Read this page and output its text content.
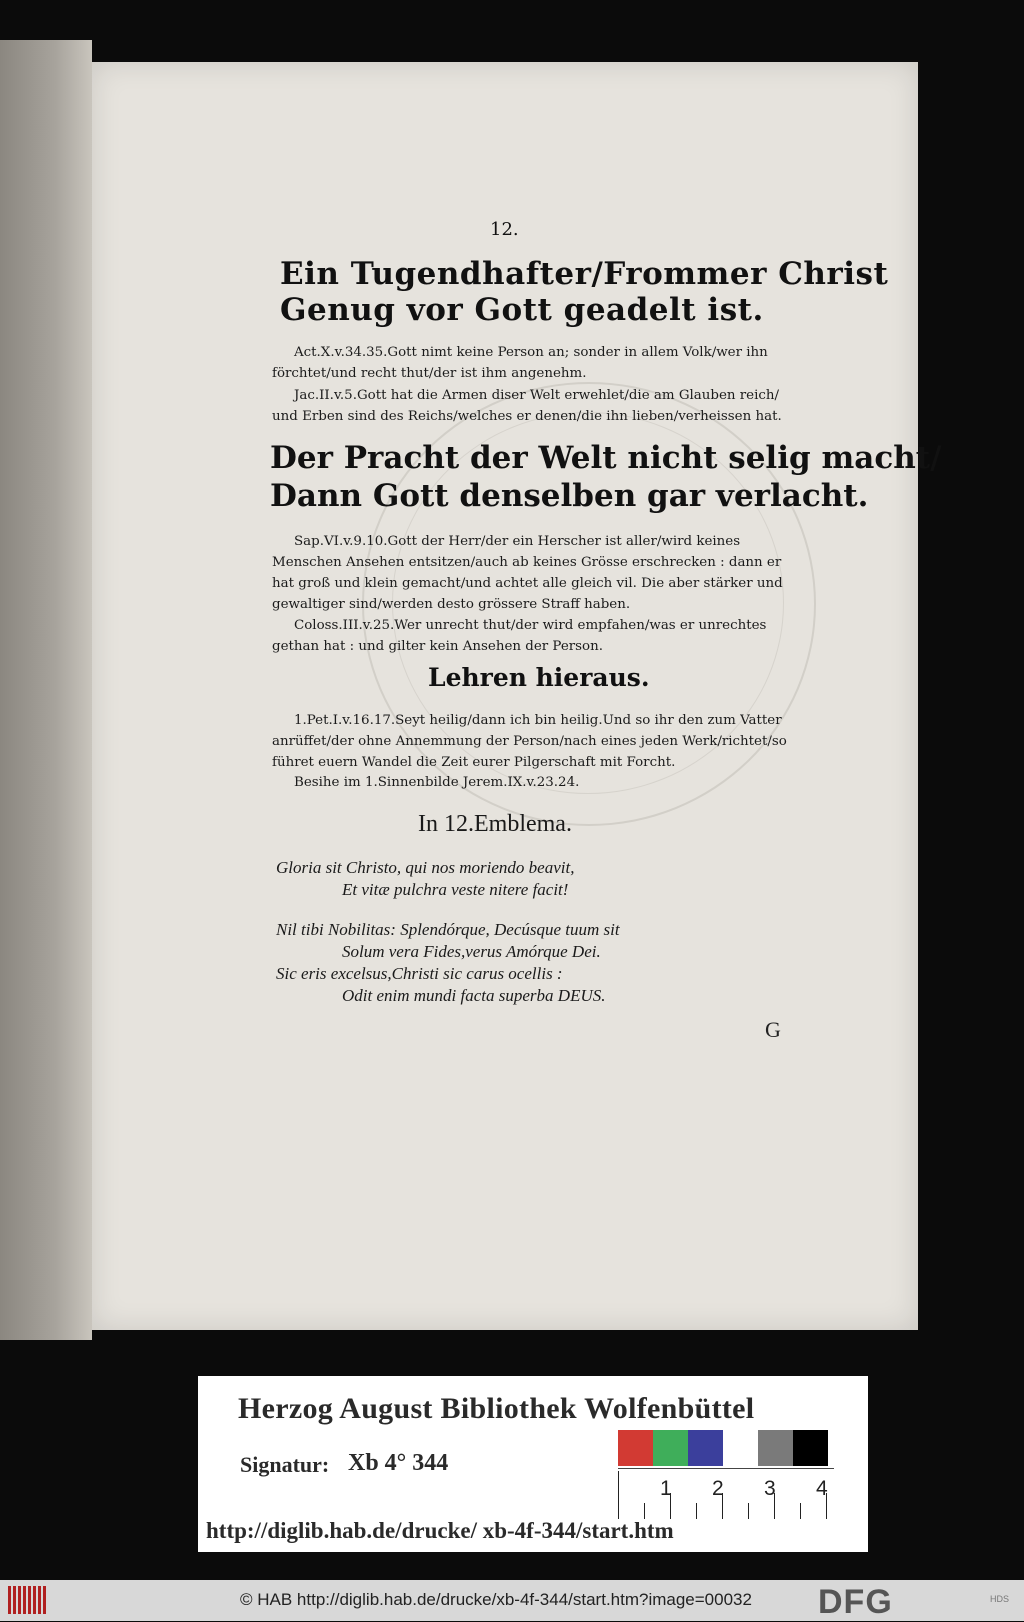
12.
Ein Tugendhafter/Frommer Christ
Genug vor Gott geadelt ist.
Act.X.v.34.35.Gott nimt keine Person an; sonder in allem Volk/wer ihn förchtet/und recht thut/der ist ihm angenehm.
Jac.II.v.5.Gott hat die Armen diser Welt erwehlet/die am Glauben reich/ und Erben sind des Reichs/welches er denen/die ihn lieben/verheissen hat.
Der Pracht der Welt nicht selig macht/
Dann Gott denselben gar verlacht.
Sap.VI.v.9.10.Gott der Herr/der ein Herscher ist aller/wird keines Menschen Ansehen entsitzen/auch ab keines Grösse erschrecken : dann er hat groß und klein gemacht/und achtet alle gleich vil. Die aber stärker und gewaltiger sind/werden desto grössere Straff haben.
Coloss.III.v.25.Wer unrecht thut/der wird empfahen/was er unrechtes gethan hat : und gilter kein Ansehen der Person.
Lehren hieraus.
1.Pet.I.v.16.17.Seyt heilig/dann ich bin heilig.Und so ihr den zum Vatter anrüffet/der ohne Annemmung der Person/nach eines jeden Werk/richtet/so führet euern Wandel die Zeit eurer Pilgerschaft mit Forcht.
Besihe im 1.Sinnenbilde Jerem.IX.v.23.24.
In 12.Emblema.
Gloria sit Christo, qui nos moriendo beavit,
Et vitæ pulchra veste nitere facit!
Nil tibi Nobilitas: Splendórque, Decúsque tuum sit
Solum vera Fides,verus Amórque Dei.
Sic eris excelsus,Christi sic carus ocellis :
Odit enim mundi facta superba DEUS.
G
Herzog August Bibliothek Wolfenbüttel
Signatur: Xb 4° 344
1 2 3 4
http://diglib.hab.de/drucke/ xb-4f-344/start.htm
© HAB http://diglib.hab.de/drucke/xb-4f-344/start.htm?image=00032 DFG	HDS
